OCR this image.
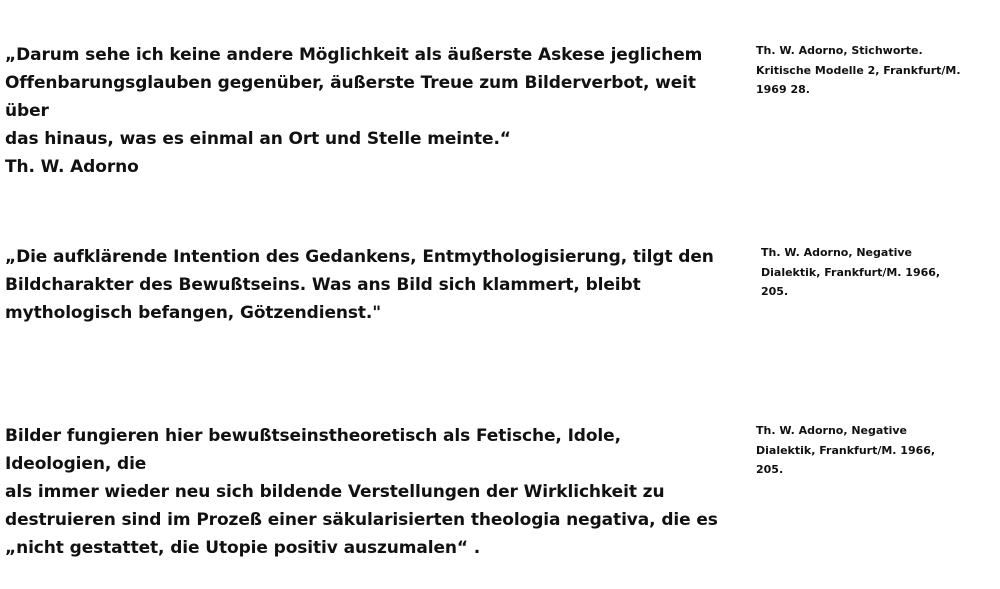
„Darum sehe ich keine andere Möglichkeit als äußerste Askese jeglichem

Offenbarungsglauben gegenüber, äußerste Treue zum Bilderverbot, weit über

das hinaus, was es einmal an Ort und Stelle meinte.“

Th. W. Adorno

Th. W. Adorno, Stichworte.

Kritische Modelle 2, Frankfurt/M.

1969 28.

„Die aufklärende Intention des Gedankens, Entmythologisierung, tilgt den

Bildcharakter des Bewußtseins. Was ans Bild sich klammert, bleibt

mythologisch befangen, Götzendienst."

Th. W. Adorno, Negative

Dialektik, Frankfurt/M. 1966,

205.

Bilder fungieren hier bewußtseinstheoretisch als Fetische, Idole, Ideologien, die

als immer wieder neu sich bildende Verstellungen der Wirklichkeit zu

destruieren sind im Prozeß einer säkularisierten theologia negativa, die es

„nicht gestattet, die Utopie positiv auszumalen“ .

Th. W. Adorno, Negative

Dialektik, Frankfurt/M. 1966,

205.
